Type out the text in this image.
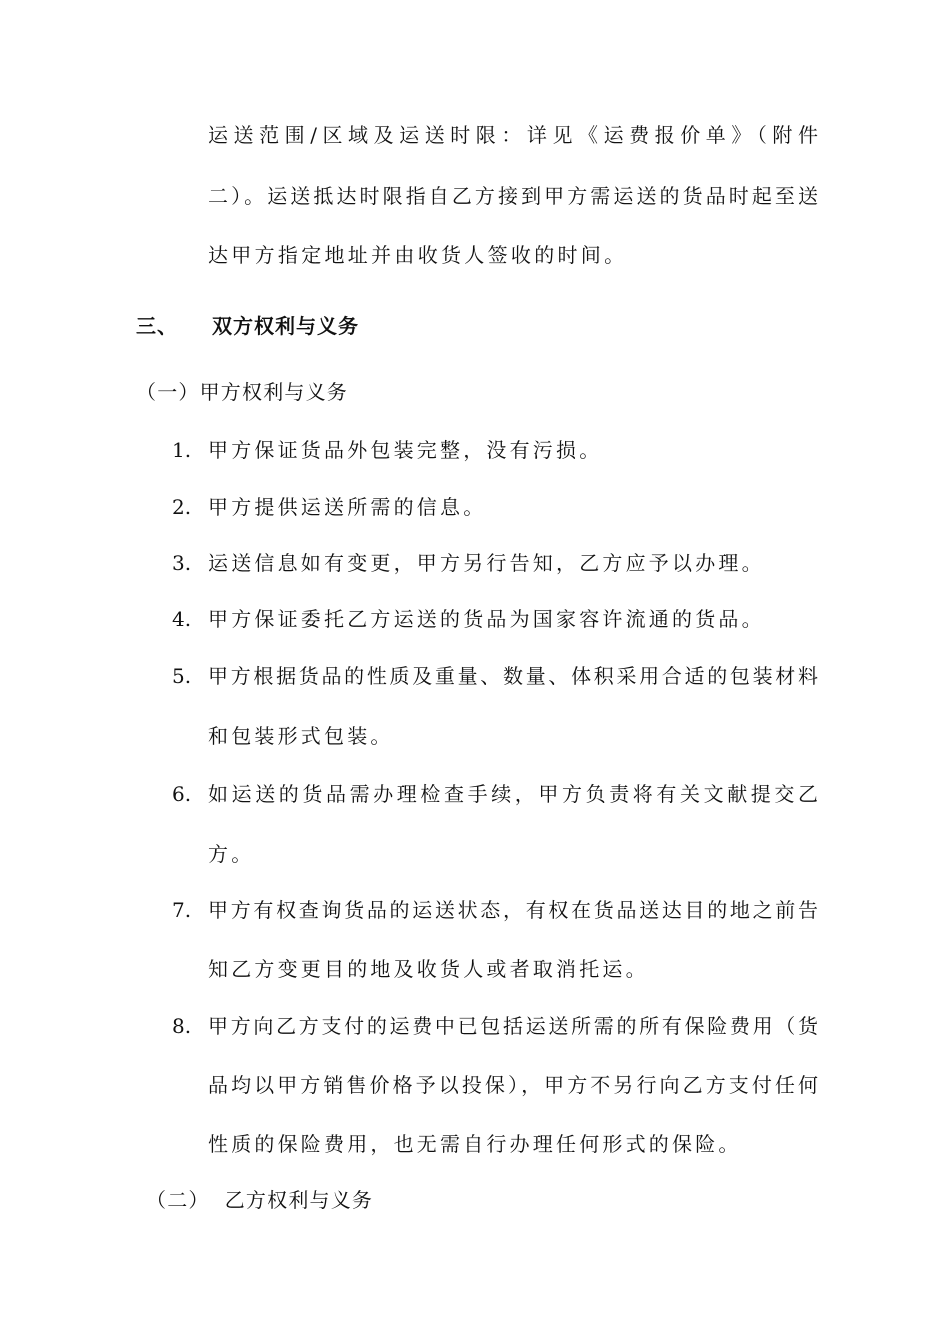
运送范围/区域及运送时限：详见《运费报价单》（附件
二）。运送抵达时限指自乙方接到甲方需运送的货品时起至送
达甲方指定地址并由收货人签收的时间。
三、 双方权利与义务
（一）甲方权利与义务
1. 甲方保证货品外包装完整，没有污损。
2. 甲方提供运送所需的信息。
3. 运送信息如有变更，甲方另行告知，乙方应予以办理。
4. 甲方保证委托乙方运送的货品为国家容许流通的货品。
5. 甲方根据货品的性质及重量、数量、体积采用合适的包装材料
和包装形式包装。
6. 如运送的货品需办理检查手续，甲方负责将有关文献提交乙
方。
7. 甲方有权查询货品的运送状态，有权在货品送达目的地之前告
知乙方变更目的地及收货人或者取消托运。
8. 甲方向乙方支付的运费中已包括运送所需的所有保险费用（货
品均以甲方销售价格予以投保），甲方不另行向乙方支付任何
性质的保险费用，也无需自行办理任何形式的保险。
（二）  乙方权利与义务
